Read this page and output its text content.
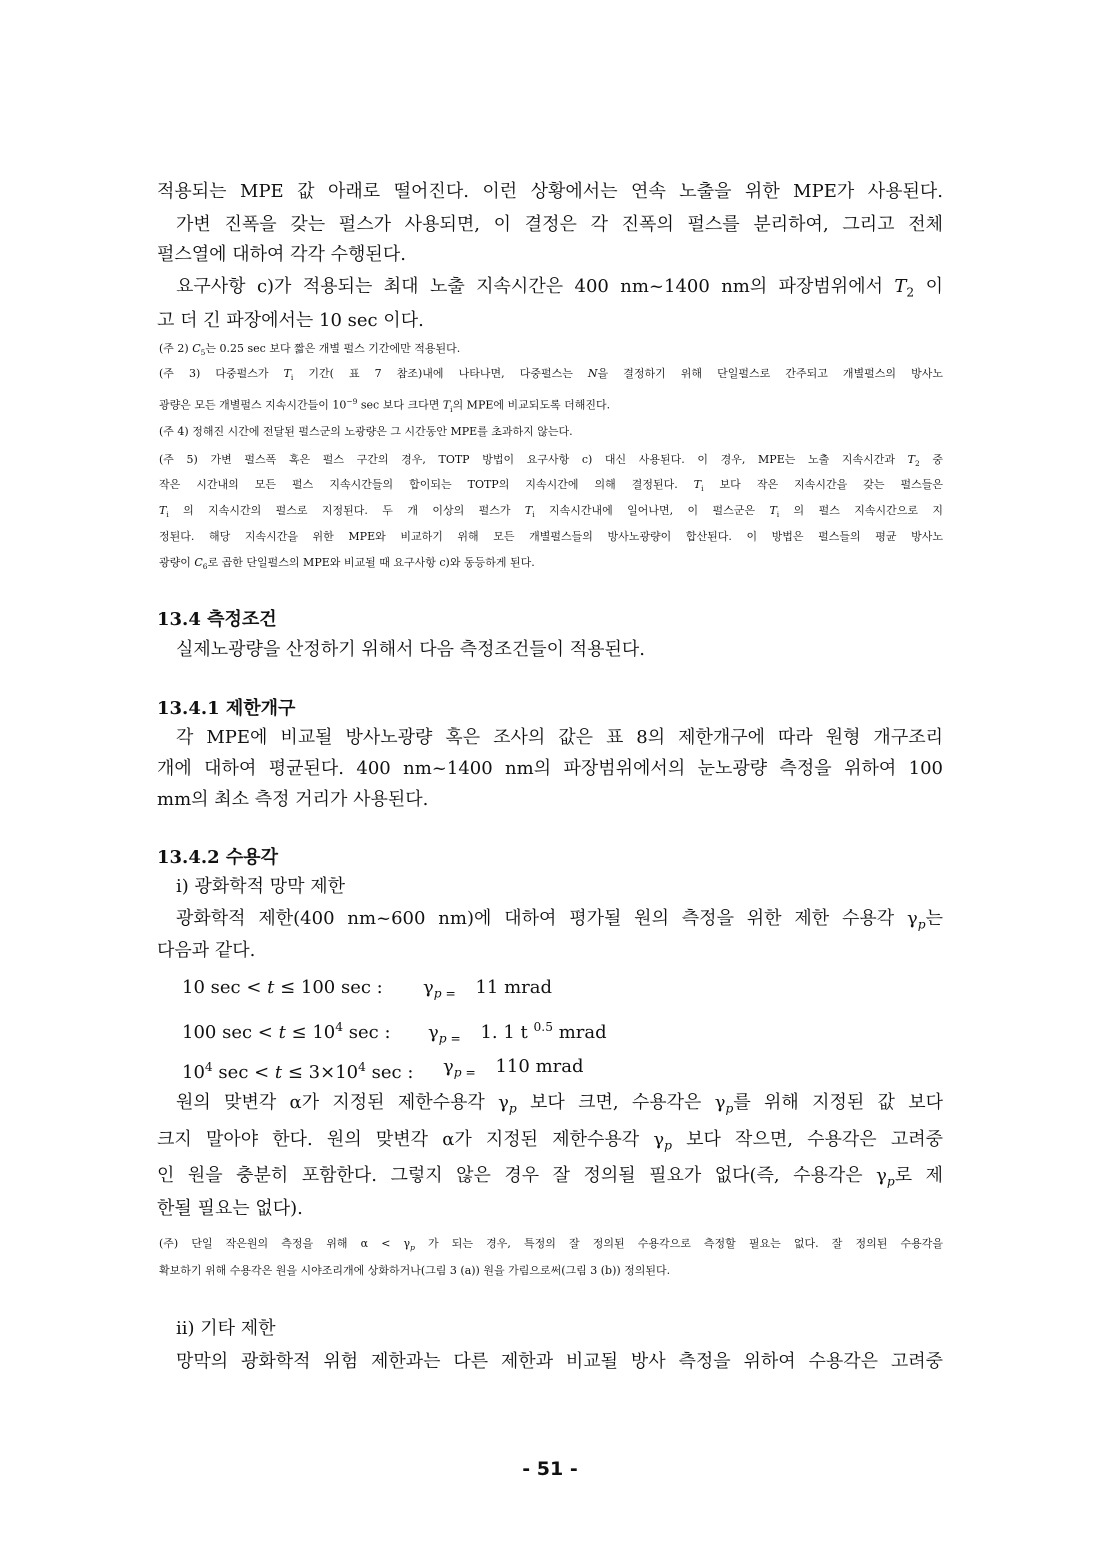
적용되는 MPE 값 아래로 떨어진다. 이런 상황에서는 연속 노출을 위한 MPE가 사용된다.
가변 진폭을 갖는 펄스가 사용되면, 이 결정은 각 진폭의 펄스를 분리하여, 그리고 전체
펄스열에 대하여 각각 수행된다.
요구사항 c)가 적용되는 최대 노출 지속시간은 400 nm~1400 nm의 파장범위에서 $T_2$ 이
고 더 긴 파장에서는 10 sec 이다.
(주 2) $C_5$는 0.25 sec 보다 짧은 개별 펄스 기간에만 적용된다.
(주 3) 다중펄스가 $T_i$ 기간( 표 7 참조)내에 나타나면, 다중펄스는 N을 결정하기 위해 단일펄스로 간주되고 개별펄스의 방사노
광량은 모든 개별펄스 지속시간들이 $10^{-9}$ sec 보다 크다면 $T_i$의 MPE에 비교되도록 더해진다.
(주 4) 정해진 시간에 전달된 펄스군의 노광량은 그 시간동안 MPE를 초과하지 않는다.
(주 5) 가변 펄스폭 혹은 펄스 구간의 경우, TOTP 방법이 요구사항 c) 대신 사용된다. 이 경우, MPE는 노출 지속시간과 $T_2$ 중
작은 시간내의 모든 펄스 지속시간들의 합이되는 TOTP의 지속시간에 의해 결정된다. $T_i$ 보다 작은 지속시간을 갖는 펄스들은
$T_i$ 의 지속시간의 펄스로 지정된다. 두 개 이상의 펄스가 $T_i$ 지속시간내에 일어나면, 이 펄스군은 $T_i$ 의 펄스 지속시간으로 지
정된다. 해당 지속시간을 위한 MPE와 비교하기 위해 모든 개별펄스들의 방사노광량이 합산된다. 이 방법은 펄스들의 평균 방사노
광량이 $C_6$로 곱한 단일펄스의 MPE와 비교될 때 요구사항 c)와 동등하게 된다.
13.4 측정조건
실제노광량을 산정하기 위해서 다음 측정조건들이 적용된다.
13.4.1 제한개구
각 MPE에 비교될 방사노광량 혹은 조사의 값은 표 8의 제한개구에 따라 원형 개구조리
개에 대하여 평균된다. 400 nm~1400 nm의 파장범위에서의 눈노광량 측정을 위하여 100
mm의 최소 측정 거리가 사용된다.
13.4.2 수용각
i) 광화학적 망막 제한
광화학적 제한(400 nm~600 nm)에 대하여 평가될 원의 측정을 위한 제한 수용각 $\gamma_p$는
다음과 같다.
10 sec < t ≤ 100 sec : $\gamma_{p =}$ 11 mrad
100 $\sec < t \le 10^4$ sec : $\gamma_{p =}$ 1. 1 t $^{0.5}$ mrad
$10^4$ $\sec < t \le 3\times 10^4$ sec : $\gamma_{p =}$ 110 mrad
원의 맞변각 α가 지정된 제한수용각 $\gamma_p$ 보다 크면, 수용각은 $\gamma_p$를 위해 지정된 값 보다
크지 말아야 한다. 원의 맞변각 α가 지정된 제한수용각 $\gamma_p$ 보다 작으면, 수용각은 고려중
인 원을 충분히 포함한다. 그렇지 않은 경우 잘 정의될 필요가 없다(즉, 수용각은 $\gamma_p$로 제
한될 필요는 없다).
(주) 단일 작은원의 측정을 위해 $\alpha < \gamma_p$ 가 되는 경우, 특정의 잘 정의된 수용각으로 측정할 필요는 없다. 잘 정의된 수용각을
확보하기 위해 수용각은 원을 시야조리개에 상화하거나(그림 3 (a)) 원을 가림으로써(그림 3 (b)) 정의된다.
ii) 기타 제한
망막의 광화학적 위험 제한과는 다른 제한과 비교될 방사 측정을 위하여 수용각은 고려중
- 51 -
